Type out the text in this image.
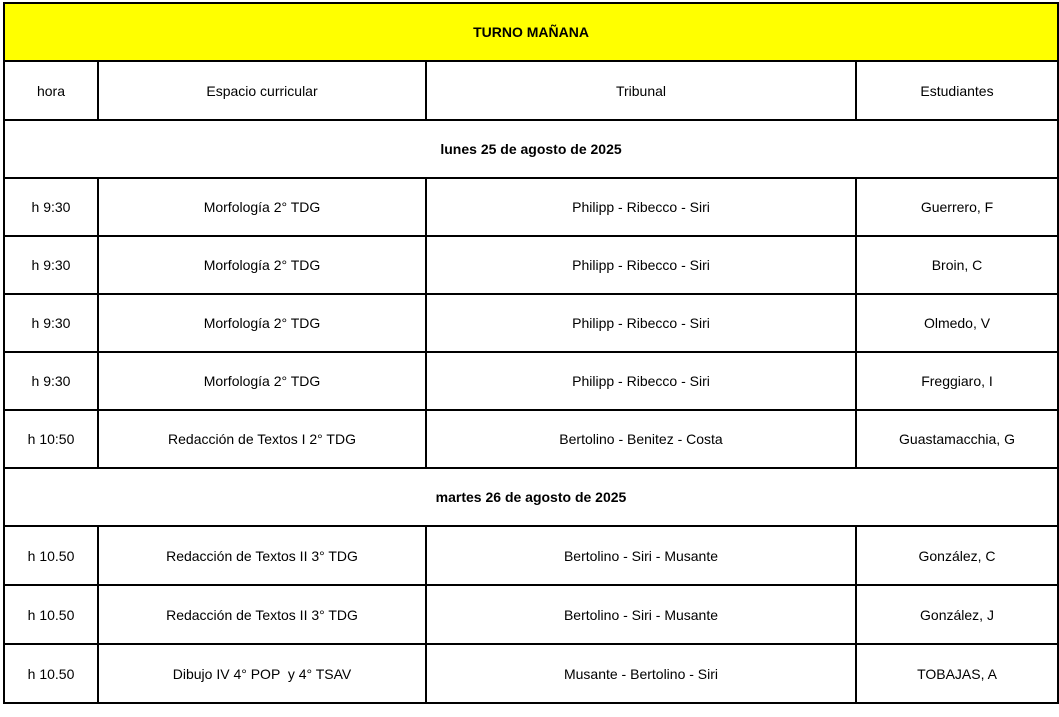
TURNO MAÑANA			
hora	Espacio curricular	Tribunal	Estudiantes
lunes 25 de agosto de 2025			
h 9:30	Morfología 2° TDG	Philipp - Ribecco - Siri	Guerrero, F
h 9:30	Morfología 2° TDG	Philipp - Ribecco - Siri	Broin, C
h 9:30	Morfología 2° TDG	Philipp - Ribecco - Siri	Olmedo, V
h 9:30	Morfología 2° TDG	Philipp - Ribecco - Siri	Freggiaro, I
h 10:50	Redacción de Textos I 2° TDG	Bertolino - Benitez - Costa	Guastamacchia, G
martes 26 de agosto de 2025			
h 10.50	Redacción de Textos II 3° TDG	Bertolino - Siri - Musante	González, C
h 10.50	Redacción de Textos II 3° TDG	Bertolino - Siri - Musante	González, J
h 10.50	Dibujo IV 4° POP  y 4° TSAV	Musante - Bertolino - Siri	TOBAJAS, A
